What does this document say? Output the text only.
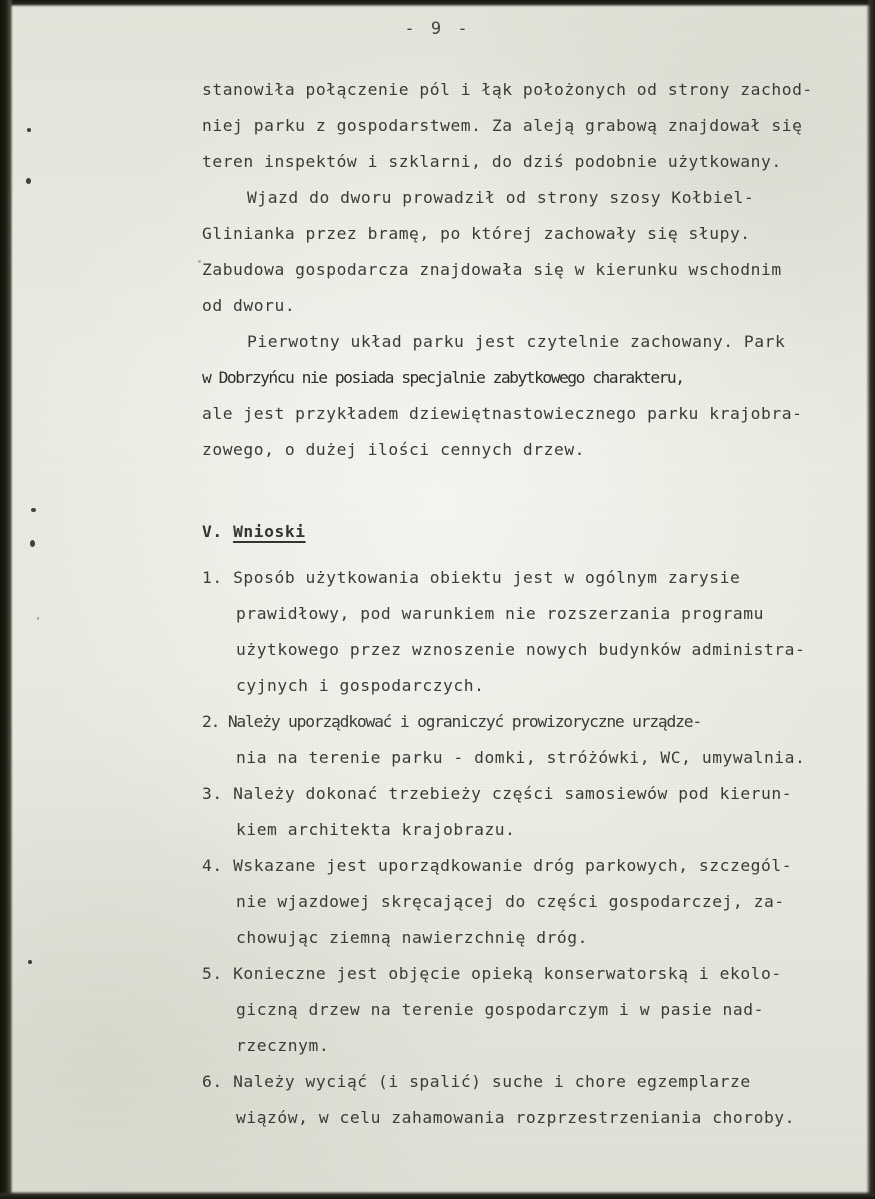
- 9 -
stanowiła połączenie pól i łąk położonych od strony zachod-
niej parku z gospodarstwem. Za aleją grabową znajdował się
teren inspektów i szklarni, do dziś podobnie użytkowany.
Wjazd do dworu prowadził od strony szosy Kołbiel-
Glinianka przez bramę, po której zachowały się słupy.
Zabudowa gospodarcza znajdowała się w kierunku wschodnim
od dworu.
Pierwotny układ parku jest czytelnie zachowany. Park
w Dobrzyńcu nie posiada specjalnie zabytkowego charakteru,
ale jest przykładem dziewiętnastowiecznego parku krajobra-
zowego, o dużej ilości cennych drzew.
V. Wnioski
1. Sposób użytkowania obiektu jest w ogólnym zarysie
prawidłowy, pod warunkiem nie rozszerzania programu
użytkowego przez wznoszenie nowych budynków administra-
cyjnych i gospodarczych.
2. Należy uporządkować i ograniczyć prowizoryczne urządze-
nia na terenie parku - domki, stróżówki, WC, umywalnia.
3. Należy dokonać trzebieży części samosiewów pod kierun-
kiem architekta krajobrazu.
4. Wskazane jest uporządkowanie dróg parkowych, szczegól-
nie wjazdowej skręcającej do części gospodarczej, za-
chowując ziemną nawierzchnię dróg.
5. Konieczne jest objęcie opieką konserwatorską i ekolo-
giczną drzew na terenie gospodarczym i w pasie nad-
rzecznym.
6. Należy wyciąć (i spalić) suche i chore egzemplarze
wiązów, w celu zahamowania rozprzestrzeniania choroby.
